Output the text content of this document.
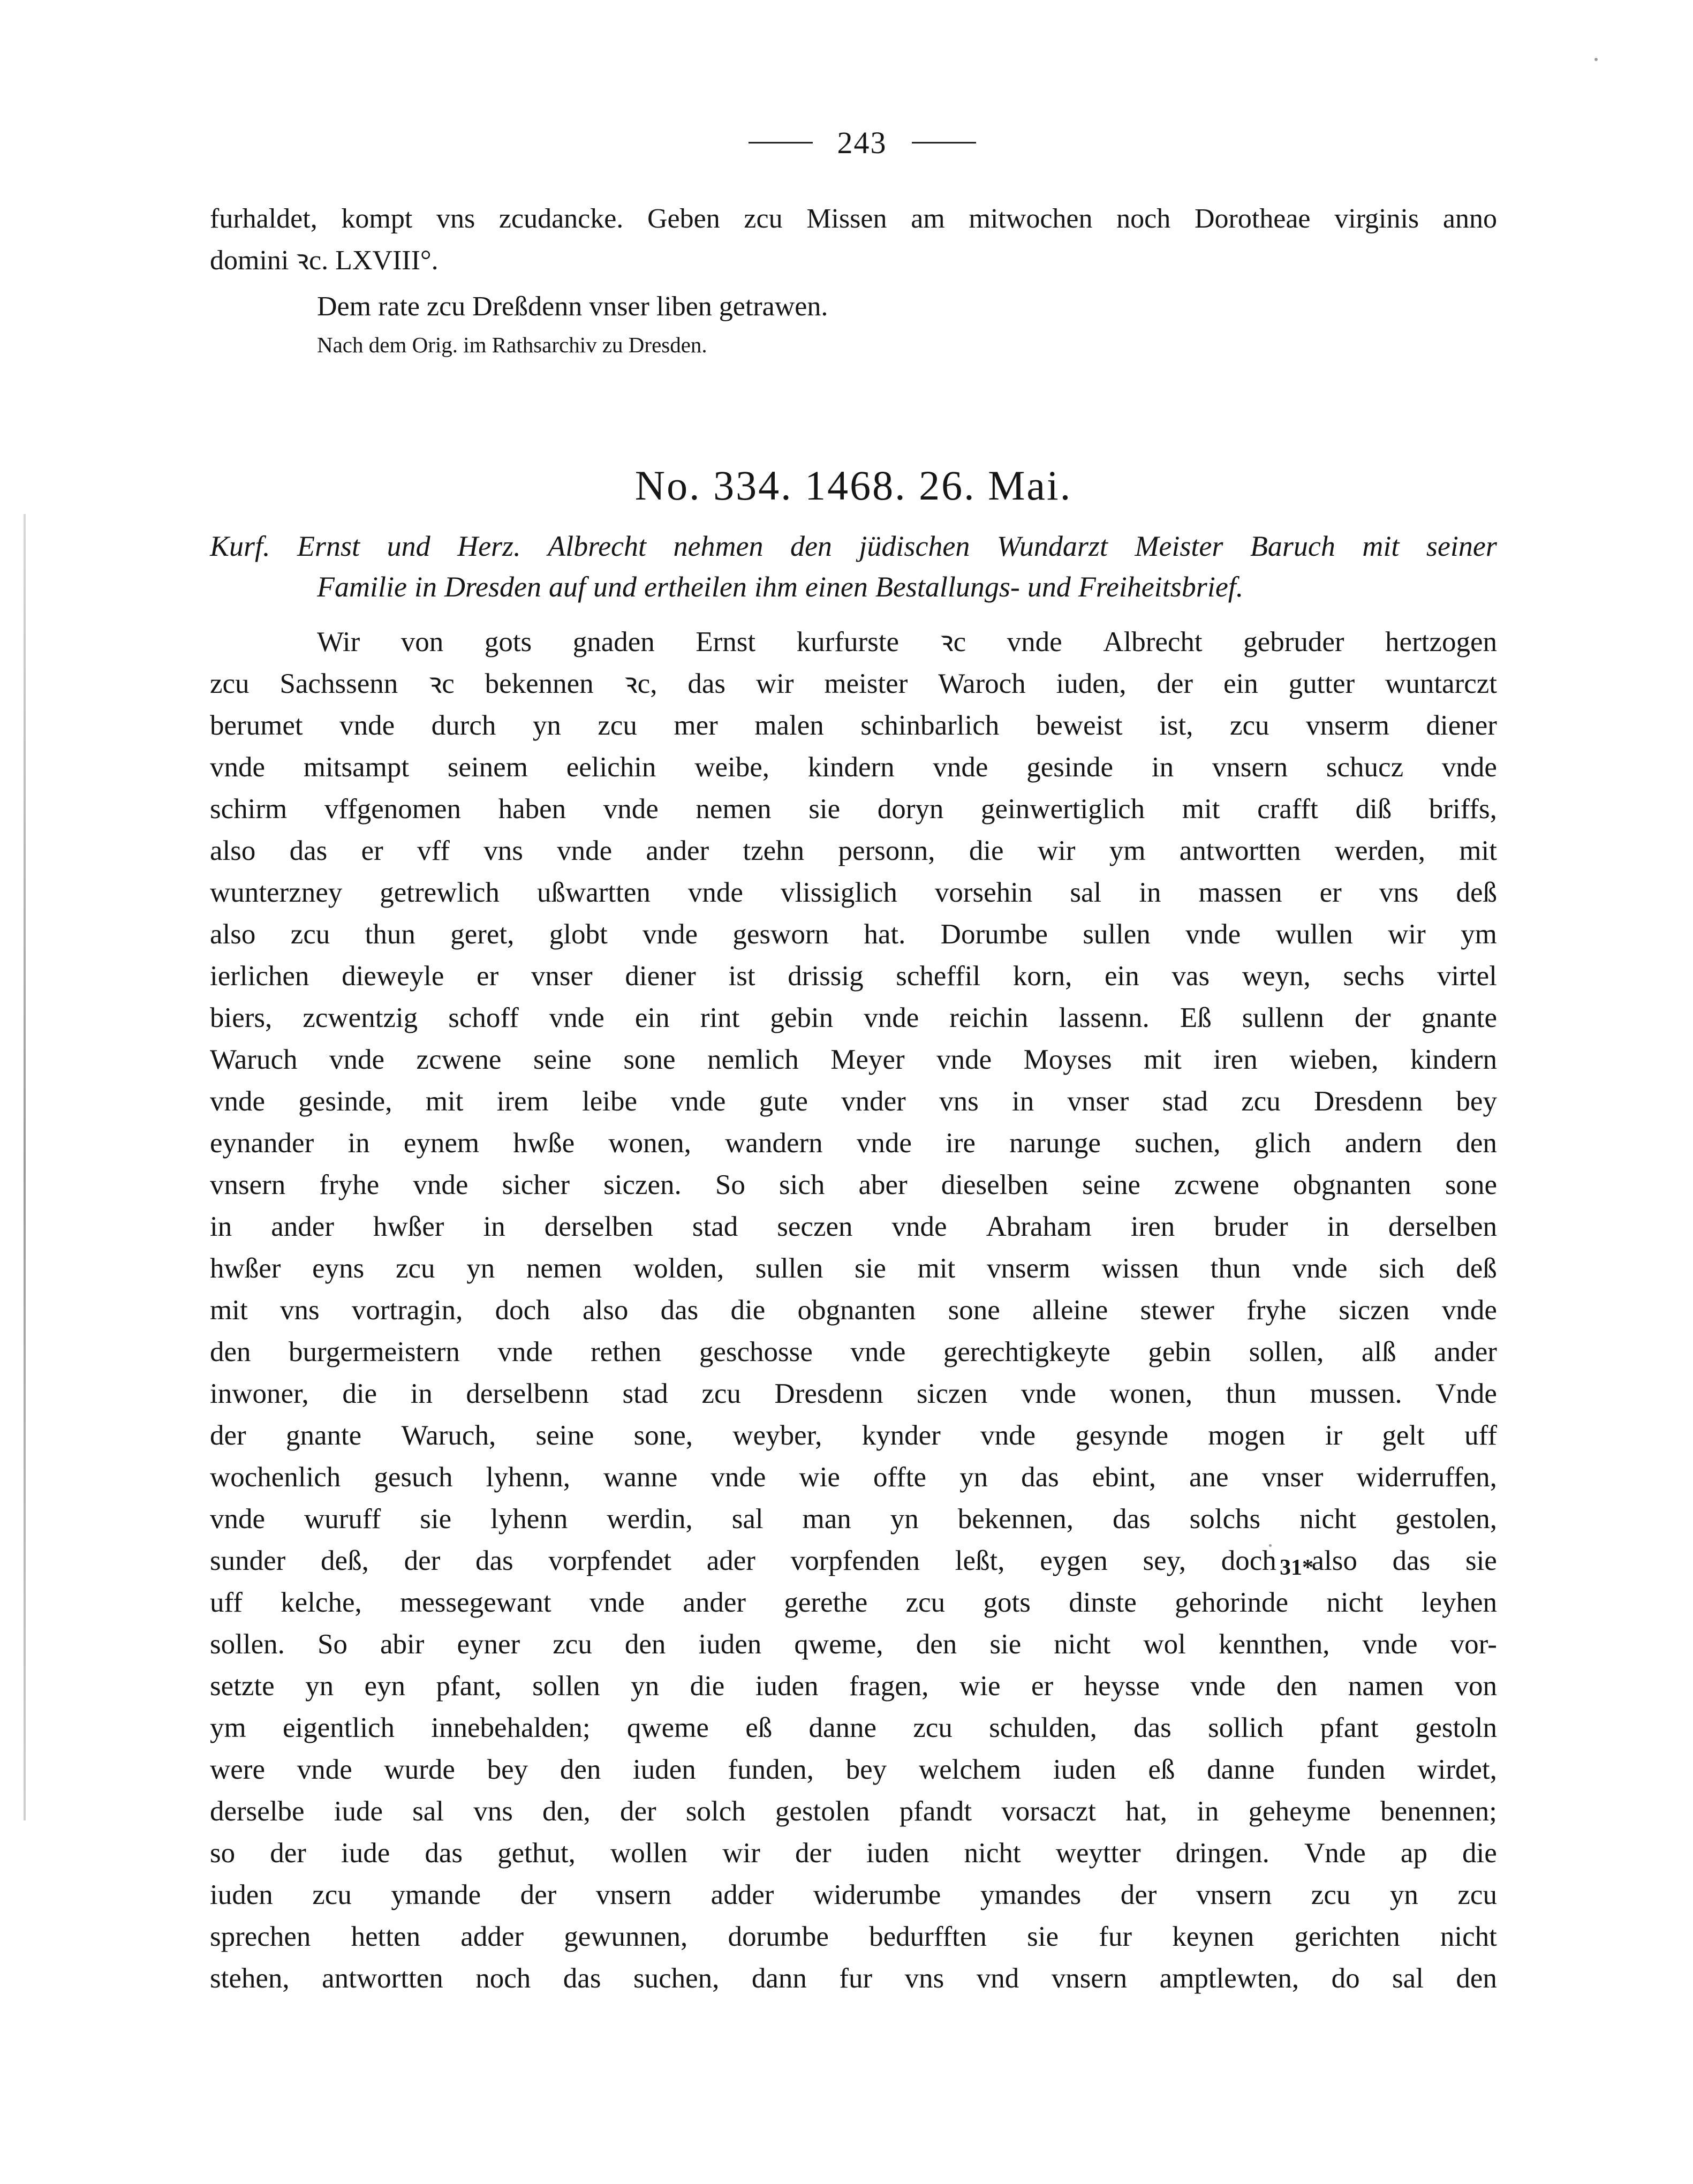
243
furhaldet, kompt vns zcudancke. Geben zcu Missen am mitwochen noch Dorotheae virginis anno
domini ꝛc. LXVIII°.
Dem rate zcu Dreßdenn vnser liben getrawen.
Nach dem Orig. im Rathsarchiv zu Dresden.
No. 334. 1468. 26. Mai.
Kurf. Ernst und Herz. Albrecht nehmen den jüdischen Wundarzt Meister Baruch mit seiner
Familie in Dresden auf und ertheilen ihm einen Bestallungs- und Freiheitsbrief.
Wir von gots gnaden Ernst kurfurste ꝛc vnde Albrecht gebruder hertzogen
zcu Sachssenn ꝛc bekennen ꝛc, das wir meister Waroch iuden, der ein gutter wuntarczt
berumet vnde durch yn zcu mer malen schinbarlich beweist ist, zcu vnserm diener
vnde mitsampt seinem eelichin weibe, kindern vnde gesinde in vnsern schucz vnde
schirm vffgenomen haben vnde nemen sie doryn geinwertiglich mit crafft diß briffs,
also das er vff vns vnde ander tzehn personn, die wir ym antwortten werden, mit
wunterzney getrewlich ußwartten vnde vlissiglich vorsehin sal in massen er vns deß
also zcu thun geret, globt vnde gesworn hat. Dorumbe sullen vnde wullen wir ym
ierlichen dieweyle er vnser diener ist drissig scheffil korn, ein vas weyn, sechs virtel
biers, zcwentzig schoff vnde ein rint gebin vnde reichin lassenn. Eß sullenn der gnante
Waruch vnde zcwene seine sone nemlich Meyer vnde Moyses mit iren wieben, kindern
vnde gesinde, mit irem leibe vnde gute vnder vns in vnser stad zcu Dresdenn bey
eynander in eynem hwße wonen, wandern vnde ire narunge suchen, glich andern den
vnsern fryhe vnde sicher siczen. So sich aber dieselben seine zcwene obgnanten sone
in ander hwßer in derselben stad seczen vnde Abraham iren bruder in derselben
hwßer eyns zcu yn nemen wolden, sullen sie mit vnserm wissen thun vnde sich deß
mit vns vortragin, doch also das die obgnanten sone alleine stewer fryhe siczen vnde
den burgermeistern vnde rethen geschosse vnde gerechtigkeyte gebin sollen, alß ander
inwoner, die in derselbenn stad zcu Dresdenn siczen vnde wonen, thun mussen. Vnde
der gnante Waruch, seine sone, weyber, kynder vnde gesynde mogen ir gelt uff
wochenlich gesuch lyhenn, wanne vnde wie offte yn das ebint, ane vnser widerruffen,
vnde wuruff sie lyhenn werdin, sal man yn bekennen, das solchs nicht gestolen,
sunder deß, der das vorpfendet ader vorpfenden leßt, eygen sey, doch also das sie
uff kelche, messegewant vnde ander gerethe zcu gots dinste gehorinde nicht leyhen
sollen. So abir eyner zcu den iuden qweme, den sie nicht wol kennthen, vnde vor-
setzte yn eyn pfant, sollen yn die iuden fragen, wie er heysse vnde den namen von
ym eigentlich innebehalden; qweme eß danne zcu schulden, das sollich pfant gestoln
were vnde wurde bey den iuden funden, bey welchem iuden eß danne funden wirdet,
derselbe iude sal vns den, der solch gestolen pfandt vorsaczt hat, in geheyme benennen;
so der iude das gethut, wollen wir der iuden nicht weytter dringen. Vnde ap die
iuden zcu ymande der vnsern adder widerumbe ymandes der vnsern zcu yn zcu
sprechen hetten adder gewunnen, dorumbe bedurfften sie fur keynen gerichten nicht
stehen, antwortten noch das suchen, dann fur vns vnd vnsern amptlewten, do sal den
31*
